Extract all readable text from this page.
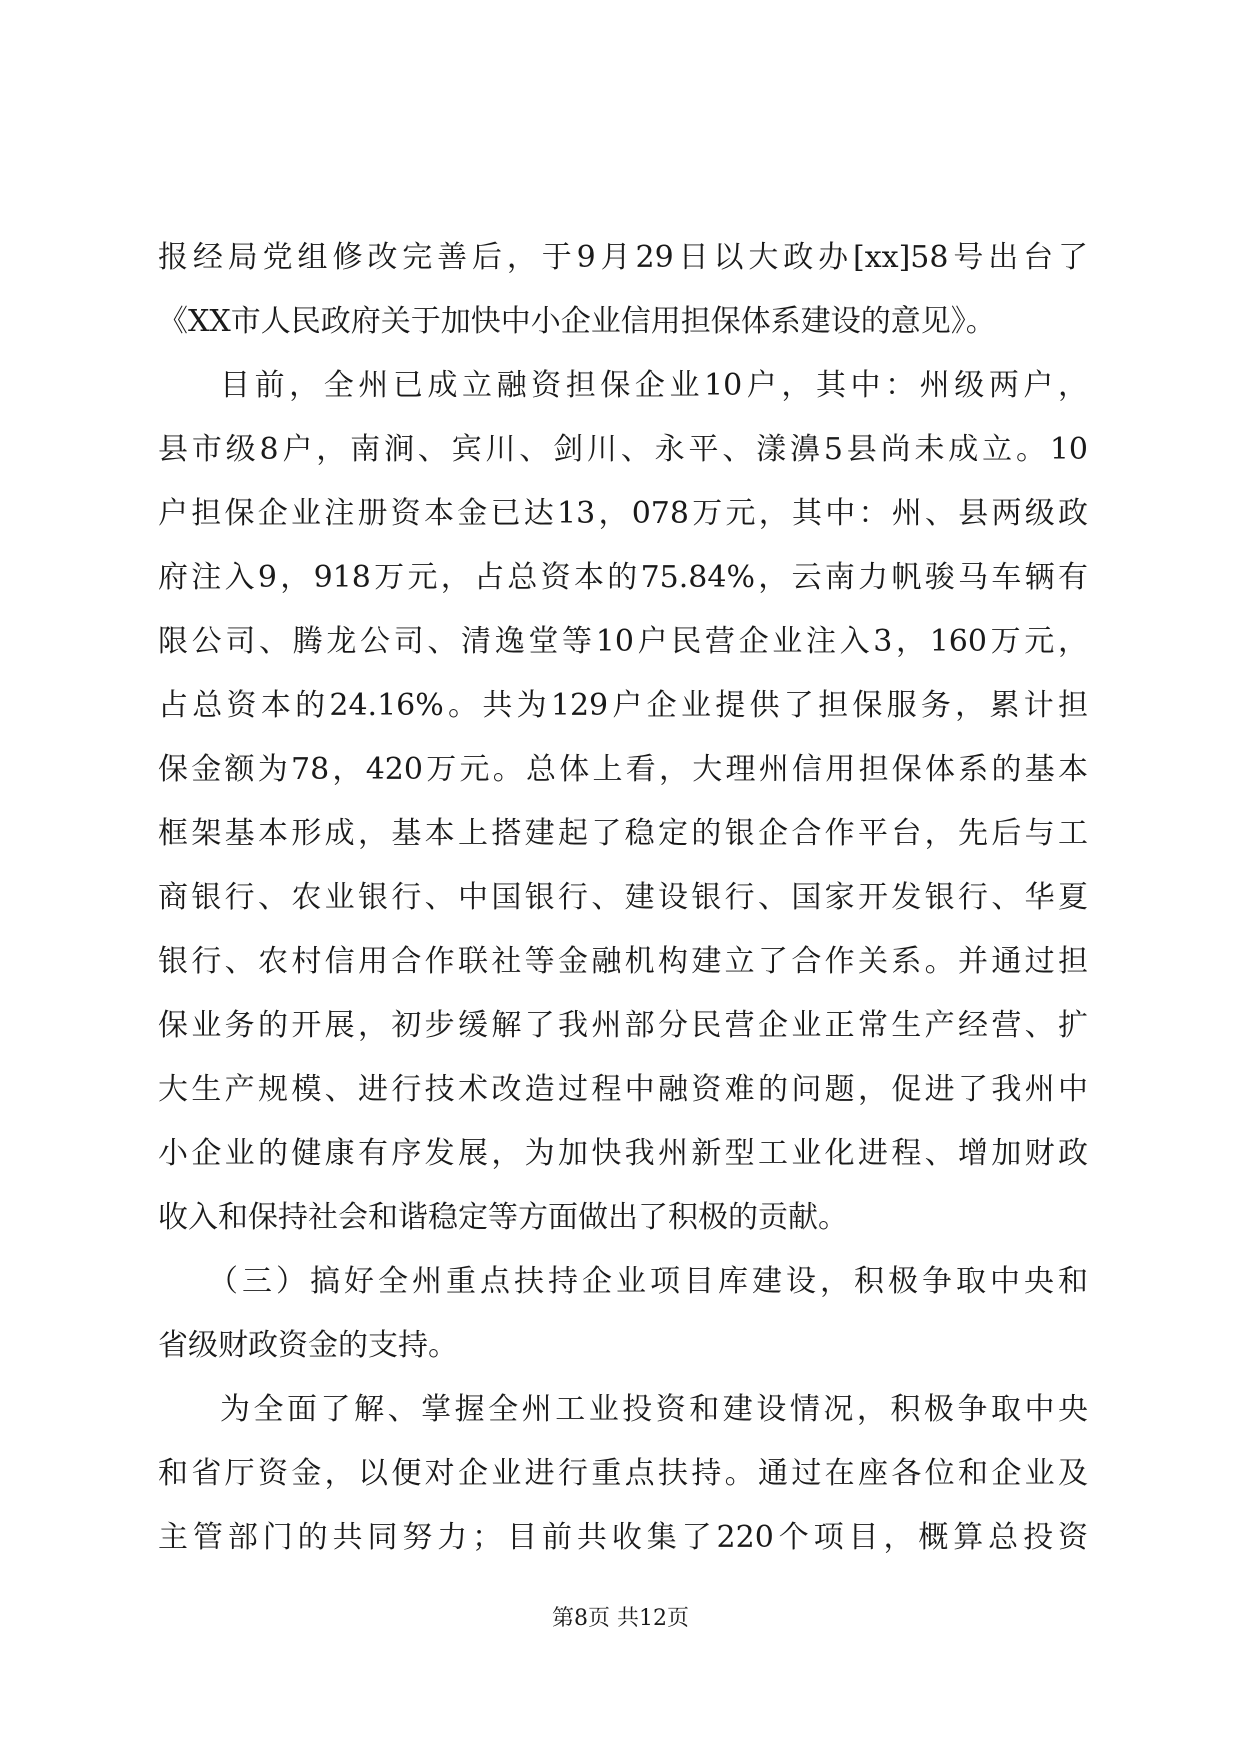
报经局党组修改完善后，于9月29日以大政办[xx]58号出台了
《XX市人民政府关于加快中小企业信用担保体系建设的意见》。
目前，全州已成立融资担保企业10户，其中：州级两户，
县市级8户，南涧、宾川、剑川、永平、漾濞5县尚未成立。10
户担保企业注册资本金已达13，078万元，其中：州、县两级政
府注入9，918万元，占总资本的75.84%，云南力帆骏马车辆有
限公司、腾龙公司、清逸堂等10户民营企业注入3，160万元，
占总资本的24.16%。共为129户企业提供了担保服务，累计担
保金额为78，420万元。总体上看，大理州信用担保体系的基本
框架基本形成，基本上搭建起了稳定的银企合作平台，先后与工
商银行、农业银行、中国银行、建设银行、国家开发银行、华夏
银行、农村信用合作联社等金融机构建立了合作关系。并通过担
保业务的开展，初步缓解了我州部分民营企业正常生产经营、扩
大生产规模、进行技术改造过程中融资难的问题，促进了我州中
小企业的健康有序发展，为加快我州新型工业化进程、增加财政
收入和保持社会和谐稳定等方面做出了积极的贡献。
（三）搞好全州重点扶持企业项目库建设，积极争取中央和
省级财政资金的支持。
为全面了解、掌握全州工业投资和建设情况，积极争取中央
和省厅资金，以便对企业进行重点扶持。通过在座各位和企业及
主管部门的共同努力；目前共收集了220个项目，概算总投资
第8页 共12页
